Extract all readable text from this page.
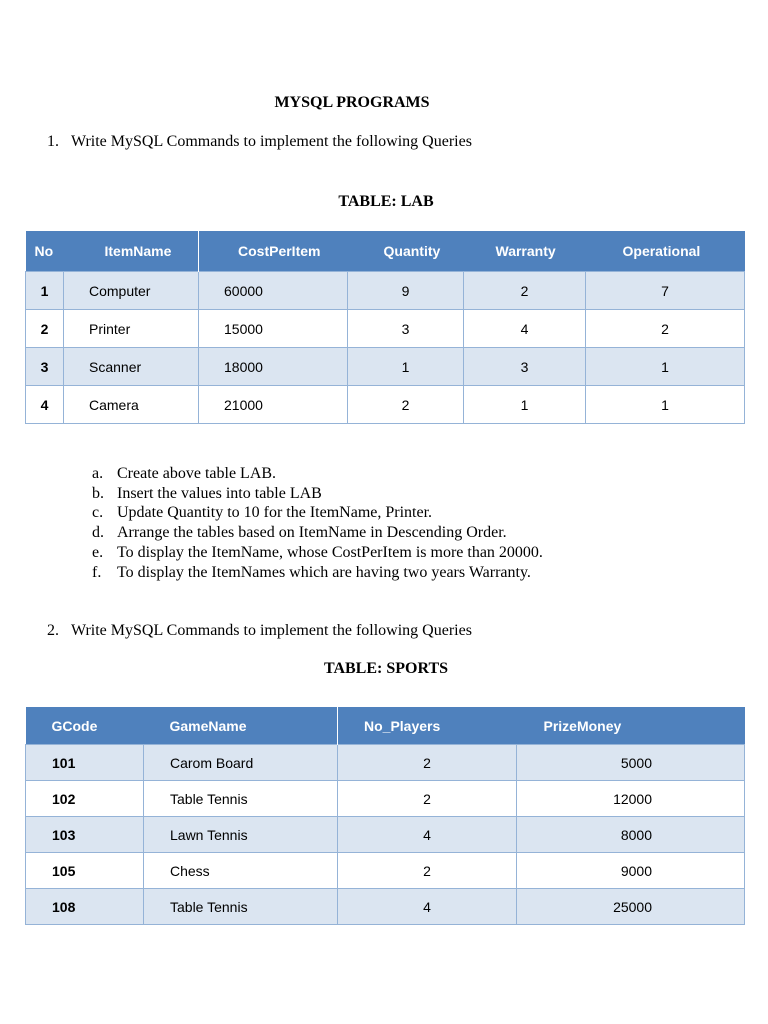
MYSQL PROGRAMS
1. Write MySQL Commands to implement the following Queries
TABLE: LAB
No	ItemName	CostPerItem	Quantity	Warranty	Operational
1	Computer	60000	9	2	7
2	Printer	15000	3	4	2
3	Scanner	18000	1	3	1
4	Camera	21000	2	1	1
a. Create above table LAB.
b. Insert the values into table LAB
c. Update Quantity to 10 for the ItemName, Printer.
d. Arrange the tables based on ItemName in Descending Order.
e. To display the ItemName, whose CostPerItem is more than 20000.
f. To display the ItemNames which are having two years Warranty.
2. Write MySQL Commands to implement the following Queries
TABLE: SPORTS
GCode	GameName	No_Players	PrizeMoney
101	Carom Board	2	5000
102	Table Tennis	2	12000
103	Lawn Tennis	4	8000
105	Chess	2	9000
108	Table Tennis	4	25000
